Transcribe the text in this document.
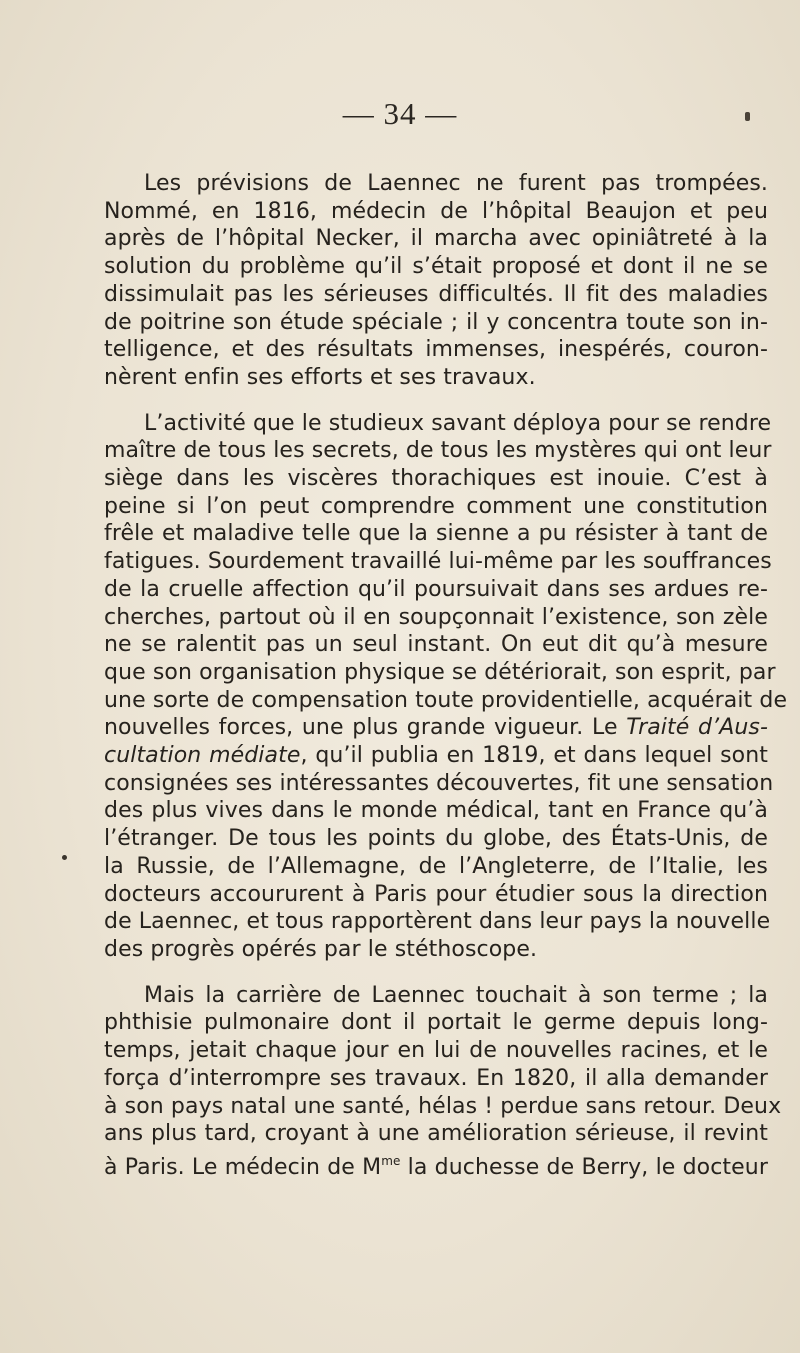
— 34 —

Les prévisions de Laennec ne furent pas trompées.
Nommé, en 1816, médecin de l’hôpital Beaujon et peu
après de l’hôpital Necker, il marcha avec opiniâtreté à la
solution du problème qu’il s’était proposé et dont il ne se
dissimulait pas les sérieuses difficultés. Il fit des maladies
de poitrine son étude spéciale ; il y concentra toute son in-
telligence, et des résultats immenses, inespérés, couron-
nèrent enfin ses efforts et ses travaux.

L’activité que le studieux savant déploya pour se rendre
maître de tous les secrets, de tous les mystères qui ont leur
siège dans les viscères thorachiques est inouie. C’est à
peine si l’on peut comprendre comment une constitution
frêle et maladive telle que la sienne a pu résister à tant de
fatigues. Sourdement travaillé lui-même par les souffrances
de la cruelle affection qu’il poursuivait dans ses ardues re-
cherches, partout où il en soupçonnait l’existence, son zèle
ne se ralentit pas un seul instant. On eut dit qu’à mesure
que son organisation physique se détériorait, son esprit, par
une sorte de compensation toute providentielle, acquérait de
nouvelles forces, une plus grande vigueur. Le Traité d’Aus-
cultation médiate, qu’il publia en 1819, et dans lequel sont
consignées ses intéressantes découvertes, fit une sensation
des plus vives dans le monde médical, tant en France qu’à
l’étranger. De tous les points du globe, des États-Unis, de
la Russie, de l’Allemagne, de l’Angleterre, de l’Italie, les
docteurs accoururent à Paris pour étudier sous la direction
de Laennec, et tous rapportèrent dans leur pays la nouvelle
des progrès opérés par le stéthoscope.

Mais la carrière de Laennec touchait à son terme ; la
phthisie pulmonaire dont il portait le germe depuis long-
temps, jetait chaque jour en lui de nouvelles racines, et le
força d’interrompre ses travaux. En 1820, il alla demander
à son pays natal une santé, hélas ! perdue sans retour. Deux
ans plus tard, croyant à une amélioration sérieuse, il revint
à Paris. Le médecin de $M^{me}$ la duchesse de Berry, le docteur
